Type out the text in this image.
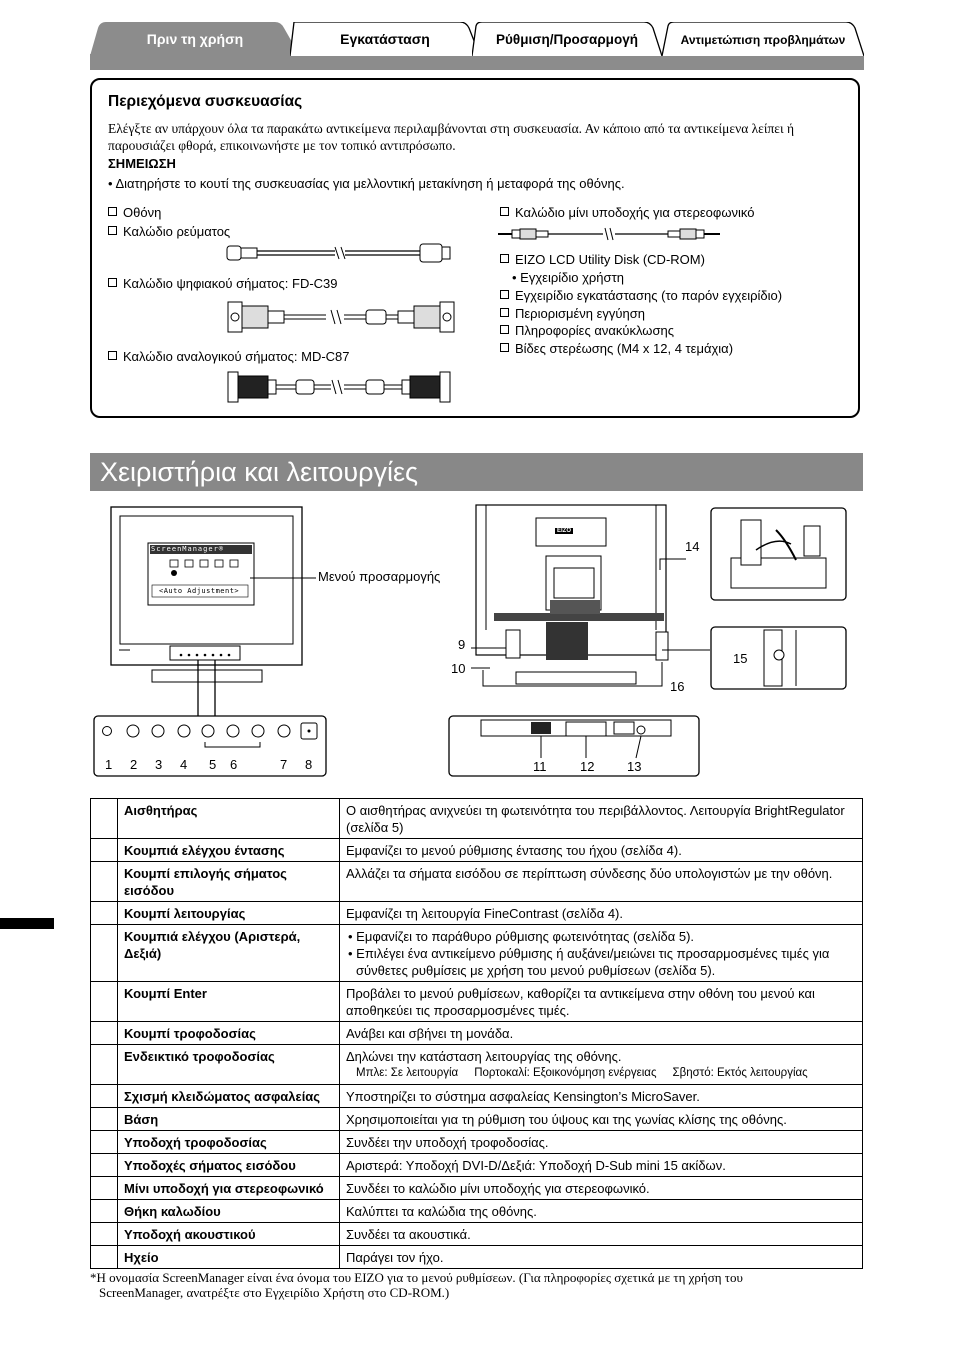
Πριν τη χρήση	Εγκατάσταση	Ρύθμιση/Προσαρμογή	Αντιμετώπιση προβλημάτων
Περιεχόμενα συσκευασίας
Ελέγξτε αν υπάρχουν όλα τα παρακάτω αντικείμενα περιλαμβάνονται στη συσκευασία. Αν κάποιο από τα αντικείμενα λείπει ή παρουσιάζει φθορά, επικοινωνήστε με τον τοπικό αντιπρόσωπο.
ΣΗΜΕΙΩΣΗ
• Διατηρήστε το κουτί της συσκευασίας για μελλοντική μετακίνηση ή μεταφορά της οθόνης.
Οθόνη
Καλώδιο ρεύματος
Καλώδιο ψηφιακού σήματος: FD-C39
Καλώδιο αναλογικού σήματος: MD-C87
Καλώδιο μίνι υποδοχής για στερεοφωνικό
EIZO LCD Utility Disk (CD-ROM)
• Εγχειρίδιο χρήστη
Εγχειρίδιο εγκατάστασης (το παρόν εγχειρίδιο)
Περιορισμένη εγγύηση
Πληροφορίες ανακύκλωσης
Βίδες στερέωσης (M4 x 12, 4 τεμάχια)
Χειριστήρια και λειτουργίες
ScreenManager®
<Auto Adjustment>
Μενού προσαρμογής
1 2 3 4 5 6	7 8
EIZO
9
10
11	12	13
14
15
16
	Αισθητήρας	Ο αισθητήρας ανιχνεύει τη φωτεινότητα του περιβάλλοντος. Λειτουργία BrightRegulator (σελίδα 5)

	Κουμπιά ελέγχου έντασης	Εμφανίζει το μενού ρύθμισης έντασης του ήχου (σελίδα 4).

	Κουμπί επιλογής σήματος εισόδου	Αλλάζει τα σήματα εισόδου σε περίπτωση σύνδεσης δύο υπολογιστών με την οθόνη.

	Κουμπί λειτουργίας	Εμφανίζει τη λειτουργία FineContrast (σελίδα 4).

	Κουμπιά ελέγχου (Αριστερά, Δεξιά)	• Εμφανίζει το παράθυρο ρύθμισης φωτεινότητας (σελίδα 5).
• Επιλέγει ένα αντικείμενο ρύθμισης ή αυξάνει/μειώνει τις προσαρμοσμένες τιμές για σύνθετες ρυθμίσεις με χρήση του μενού ρυθμίσεων (σελίδα 5).

	Κουμπί Enter	Προβάλει το μενού ρυθμίσεων, καθορίζει τα αντικείμενα στην οθόνη του μενού και αποθηκεύει τις προσαρμοσμένες τιμές.

	Κουμπί τροφοδοσίας	Ανάβει και σβήνει τη μονάδα.

	Ενδεικτικό τροφοδοσίας	Δηλώνει την κατάσταση λειτουργίας της οθόνης.
Μπλε: Σε λειτουργία Πορτοκαλί: Εξοικονόμηση ενέργειας Σβηστό: Εκτός λειτουργίας

	Σχισμή κλειδώματος ασφαλείας	Υποστηρίζει το σύστημα ασφαλείας Kensington’s MicroSaver.

	Βάση	Χρησιμοποιείται για τη ρύθμιση του ύψους και της γωνίας κλίσης της οθόνης.

	Υποδοχή τροφοδοσίας	Συνδέει την υποδοχή τροφοδοσίας.

	Υποδοχές σήματος εισόδου	Αριστερά: Υποδοχή DVI-D/Δεξιά: Υποδοχή D-Sub mini 15 ακίδων.

	Μίνι υποδοχή για στερεοφωνικό	Συνδέει το καλώδιο μίνι υποδοχής για στερεοφωνικό.

	Θήκη καλωδίου	Καλύπτει τα καλώδια της οθόνης.

	Υποδοχή ακουστικού	Συνδέει τα ακουστικά.

	Ηχείο	Παράγει τον ήχο.
*Η ονομασία ScreenManager είναι ένα όνομα του EIZO για το μενού ρυθμίσεων. (Για πληροφορίες σχετικά με τη χρήση του
ScreenManager, ανατρέξτε στο Εγχειρίδιο Χρήστη στο CD-ROM.)
